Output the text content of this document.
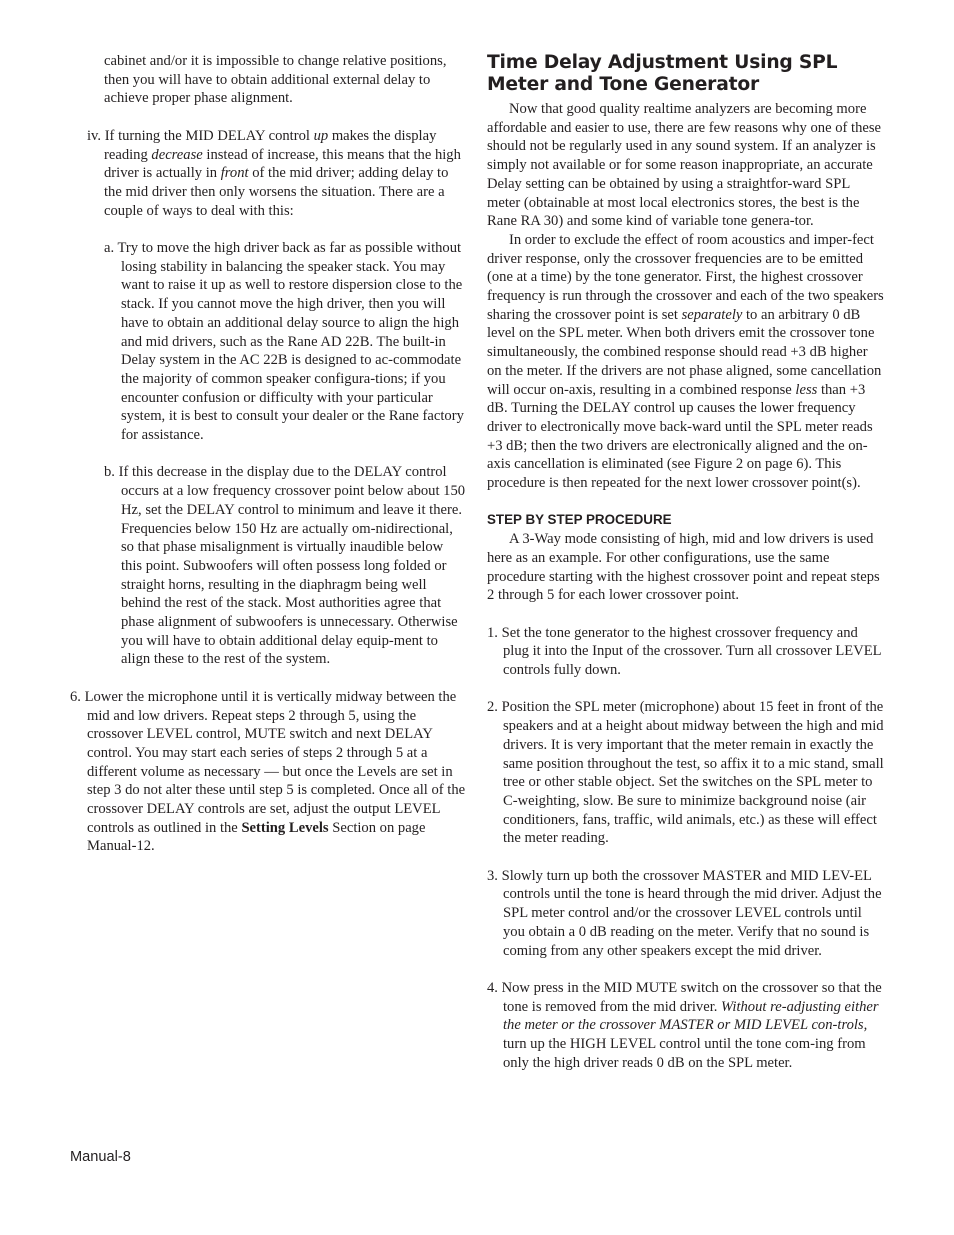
cabinet and/or it is impossible to change relative positions, then you will have to obtain additional external delay to achieve proper phase alignment.

iv. If turning the MID DELAY control up makes the display reading decrease instead of increase, this means that the high driver is actually in front of the mid driver; adding delay to the mid driver then only worsens the situation. There are a couple of ways to deal with this:

a. Try to move the high driver back as far as possible without losing stability in balancing the speaker stack. You may want to raise it up as well to restore dispersion close to the stack. If you cannot move the high driver, then you will have to obtain an additional delay source to align the high and mid drivers, such as the Rane AD 22B. The built-in Delay system in the AC 22B is designed to ac-commodate the majority of common speaker configura-tions; if you encounter confusion or difficulty with your particular system, it is best to consult your dealer or the Rane factory for assistance.

b. If this decrease in the display due to the DELAY control occurs at a low frequency crossover point below about 150 Hz, set the DELAY control to minimum and leave it there. Frequencies below 150 Hz are actually om-nidirectional, so that phase misalignment is virtually inaudible below this point. Subwoofers will often possess long folded or straight horns, resulting in the diaphragm being well behind the rest of the stack. Most authorities agree that phase alignment of subwoofers is unnecessary. Otherwise you will have to obtain additional delay equip-ment to align these to the rest of the system.

6. Lower the microphone until it is vertically midway between the mid and low drivers. Repeat steps 2 through 5, using the crossover LEVEL control, MUTE switch and next DELAY control. You may start each series of steps 2 through 5 at a different volume as necessary — but once the Levels are set in step 3 do not alter these until step 5 is completed. Once all of the crossover DELAY controls are set, adjust the output LEVEL controls as outlined in the Setting Levels Section on page Manual-12.

Time Delay Adjustment Using SPL Meter and Tone Generator

Now that good quality realtime analyzers are becoming more affordable and easier to use, there are few reasons why one of these should not be regularly used in any sound system. If an analyzer is simply not available or for some reason inappropriate, an accurate Delay setting can be obtained by using a straightfor-ward SPL meter (obtainable at most local electronics stores, the best is the Rane RA 30) and some kind of variable tone genera-tor.

In order to exclude the effect of room acoustics and imper-fect driver response, only the crossover frequencies are to be emitted (one at a time) by the tone generator. First, the highest crossover frequency is run through the crossover and each of the two speakers sharing the crossover point is set separately to an arbitrary 0 dB level on the SPL meter. When both drivers emit the crossover tone simultaneously, the combined response should read +3 dB higher on the meter. If the drivers are not phase aligned, some cancellation will occur on-axis, resulting in a combined response less than +3 dB. Turning the DELAY control up causes the lower frequency driver to electronically move back-ward until the SPL meter reads +3 dB; then the two drivers are electronically aligned and the on-axis cancellation is eliminated (see Figure 2 on page 6). This procedure is then repeated for the next lower crossover point(s).

STEP BY STEP PROCEDURE

A 3-Way mode consisting of high, mid and low drivers is used here as an example. For other configurations, use the same procedure starting with the highest crossover point and repeat steps 2 through 5 for each lower crossover point.

1. Set the tone generator to the highest crossover frequency and plug it into the Input of the crossover. Turn all crossover LEVEL controls fully down.

2. Position the SPL meter (microphone) about 15 feet in front of the speakers and at a height about midway between the high and mid drivers. It is very important that the meter remain in exactly the same position throughout the test, so affix it to a mic stand, small tree or other stable object. Set the switches on the SPL meter to C-weighting, slow. Be sure to minimize background noise (air conditioners, fans, traffic, wild animals, etc.) as these will effect the meter reading.

3. Slowly turn up both the crossover MASTER and MID LEV-EL controls until the tone is heard through the mid driver. Adjust the SPL meter control and/or the crossover LEVEL controls until you obtain a 0 dB reading on the meter. Verify that no sound is coming from any other speakers except the mid driver.

4. Now press in the MID MUTE switch on the crossover so that the tone is removed from the mid driver. Without re-adjusting either the meter or the crossover MASTER or MID LEVEL con-trols, turn up the HIGH LEVEL control until the tone com-ing from only the high driver reads 0 dB on the SPL meter.

Manual-8
